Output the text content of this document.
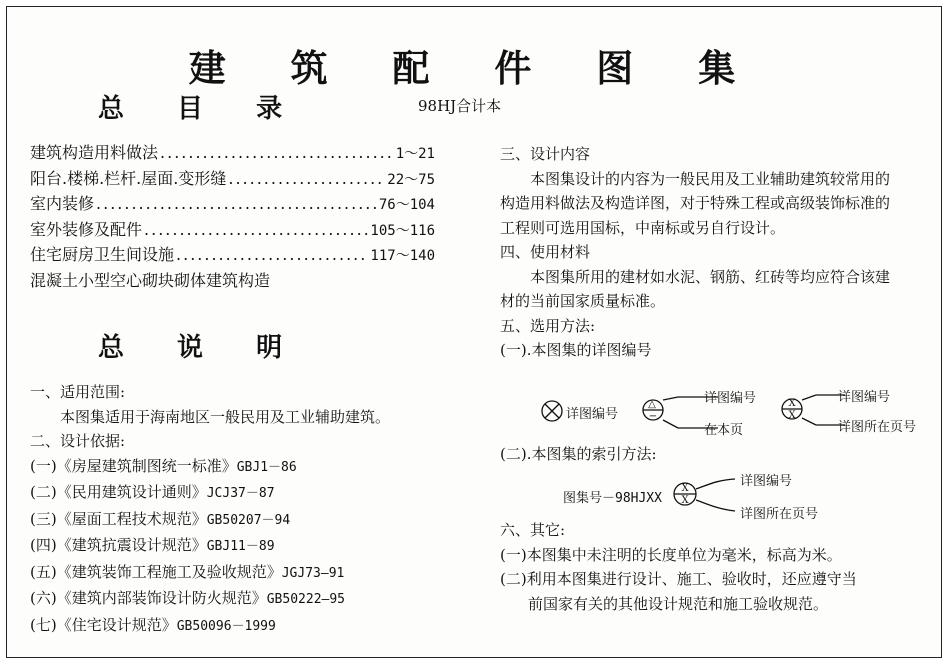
建 筑 配 件 图 集
总 目 录	98HJ合计本
建筑构造用料做法 .....	1～21
阳台.楼梯.栏杆.屋面.变形缝 .....	22～75
室内装修 .....	76～104
室外装修及配件 .....	105～116
住宅厨房卫生间设施 .....	117～140
混凝土小型空心砌块砌体建筑构造
总 说 明

一、适用范围:

本图集适用于海南地区一般民用及工业辅助建筑。

二、设计依据:

(一)《房屋建筑制图统一标准》GBJ1－86

(二)《民用建筑设计通则》JCJ37－87

(三)《屋面工程技术规范》GB50207－94

(四)《建筑抗震设计规范》GBJ11－89

(五)《建筑装饰工程施工及验收规范》JGJ73—91

(六)《建筑内部装饰设计防火规范》GB50222—95

(七)《住宅设计规范》GB50096－1999

三、设计内容

本图集设计的内容为一般民用及工业辅助建筑较常用的

构造用料做法及构造详图，对于特殊工程或高级装饰标准的

工程则可选用国标，中南标或另自行设计。

四、使用材料

本图集所用的建材如水泥、钢筋、红砖等均应符合该建

材的当前国家质量标准。

五、选用方法:

(一).本图集的详图编号

△
−
X
X
X
X
详图编号
详图编号
在本页
详图编号
详图所在页号

(二).本图集的索引方法:

图集号－98HJXX
详图编号
详图所在页号

六、其它:

(一)本图集中未注明的长度单位为毫米，标高为米。

(二)利用本图集进行设计、施工、验收时，还应遵守当

前国家有关的其他设计规范和施工验收规范。
